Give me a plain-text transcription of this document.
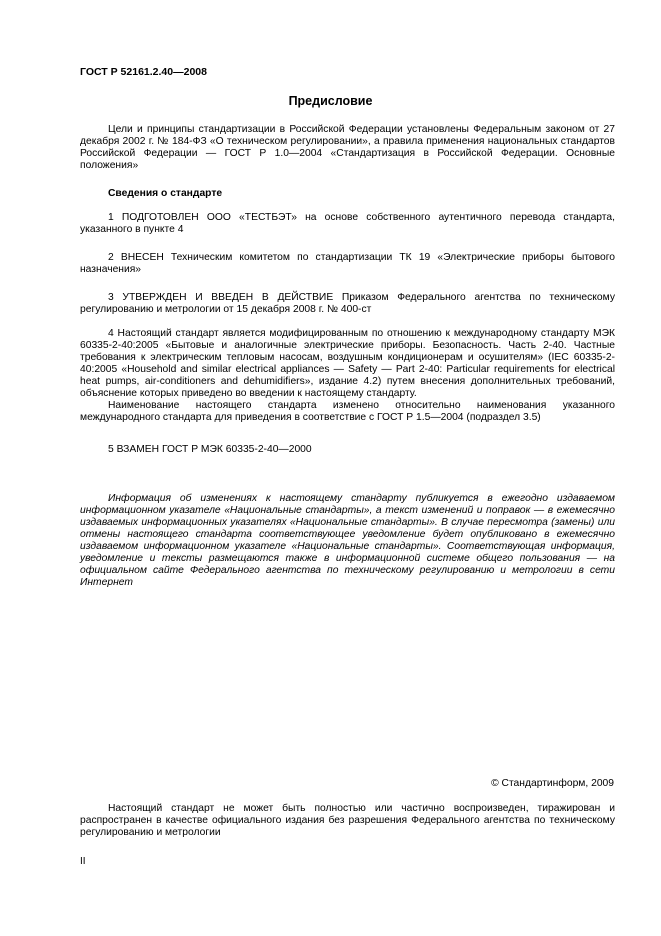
ГОСТ Р 52161.2.40—2008
Предисловие

Цели и принципы стандартизации в Российской Федерации установлены Федеральным законом от 27 декабря 2002 г. № 184-ФЗ «О техническом регулировании», а правила применения национальных стандартов Российской Федерации — ГОСТ Р 1.0—2004 «Стандартизация в Российской Федерации. Основные положения»

Сведения о стандарте

1 ПОДГОТОВЛЕН ООО «ТЕСТБЭТ» на основе собственного аутентичного перевода стандарта, указанного в пункте 4

2 ВНЕСЕН Техническим комитетом по стандартизации ТК 19 «Электрические приборы бытового назначения»

3 УТВЕРЖДЕН И ВВЕДЕН В ДЕЙСТВИЕ Приказом Федерального агентства по техническому регулированию и метрологии от 15 декабря 2008 г. № 400-ст

4 Настоящий стандарт является модифицированным по отношению к международному стандарту МЭК 60335-2-40:2005 «Бытовые и аналогичные электрические приборы. Безопасность. Часть 2-40. Частные требования к электрическим тепловым насосам, воздушным кондиционерам и осушителям» (IEC 60335-2-40:2005 «Household and similar electrical appliances — Safety — Part 2-40: Particular requirements for electrical heat pumps, air-conditioners and dehumidifiers», издание 4.2) путем внесения дополнительных требований, объяснение которых приведено во введении к настоящему стандарту.

Наименование настоящего стандарта изменено относительно наименования указанного международного стандарта для приведения в соответствие с ГОСТ Р 1.5—2004 (подраздел 3.5)

5 ВЗАМЕН ГОСТ Р МЭК 60335-2-40—2000

Информация об изменениях к настоящему стандарту публикуется в ежегодно издаваемом информационном указателе «Национальные стандарты», а текст изменений и поправок — в ежемесячно издаваемых информационных указателях «Национальные стандарты». В случае пересмотра (замены) или отмены настоящего стандарта соответствующее уведомление будет опубликовано в ежемесячно издаваемом информационном указателе «Национальные стандарты». Соответствующая информация, уведомление и тексты размещаются также в информационной системе общего пользования — на официальном сайте Федерального агентства по техническому регулированию и метрологии в сети Интернет

© Стандартинформ, 2009

Настоящий стандарт не может быть полностью или частично воспроизведен, тиражирован и распространен в качестве официального издания без разрешения Федерального агентства по техническому регулированию и метрологии

II
